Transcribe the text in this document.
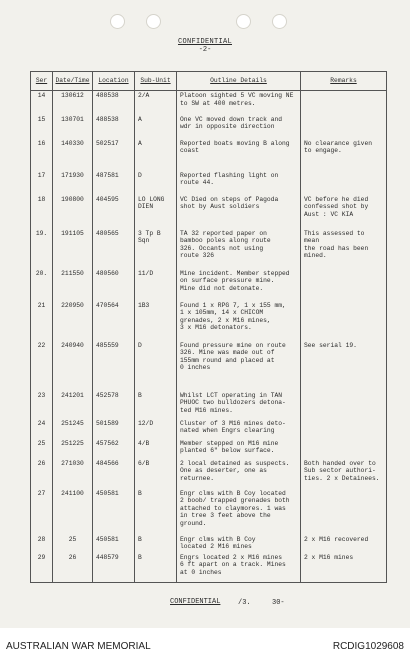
CONFIDENTIAL
-2-
Ser	Date/Time	Location	Sub-Unit	Outline Details	Remarks
14	130612	488538	2/A	Platoon sighted 5 VC moving NE
to SW at 400 metres.	
15	130701	488538	A	One VC moved down track and
wdr in opposite direction	
16	140330	502517	A	Reported boats moving B along
coast	No clearance given
to engage.
17	171930	487581	D	Reported flashing light on
route 44.	
18	190800	404595	LO LONG
DIEN	VC Died on steps of Pagoda
shot by Aust soldiers	VC before he died
confessed shot by
Aust : VC KIA
19.	191105	480565	3 Tp B
Sqn	TA 32 reported paper on
bamboo poles along route
326. Occants not using
route 326	This assessed to mean
the road has been
mined.
20.	211550	480560	11/D	Mine incident. Member stepped
on surface pressure mine.
Mine did not detonate.	
21	220950	470564	1B3	Found 1 x RPG 7, 1 x 155 mm,
1 x 105mm, 14 x CHICOM
grenades, 2 x M16 mines,
3 x M16 detonators.	
22	240940	485559	D	Found pressure mine on route
326. Mine was made out of
155mm round and placed at
0 inches	See serial 19.
23	241201	452578	B	Whilst LCT operating in TAN
PHUOC two bulldozers detona-
ted M16 mines.	
24	251245	501589	12/D	Cluster of 3 M16 mines deto-
nated when Engrs clearing	
25	251225	457562	4/B	Member stepped on M16 mine
planted 6" below surface.	
26	271030	484566	6/B	2 local detained as suspects.
One as deserter, one as
returnee.	Both handed over to
Sub sector authori-
ties. 2 x Detainees.
27	241100	450581	B	Engr clms with B Coy located
2 boob/ trapped grenades both
attached to claymores. 1 was
in tree 3 feet above the
ground.	
28	25	450581	B	Engr clms with B Coy
located 2 M16 mines	2 x M16 recovered
29	26	448579	B	Engrs located 2 x M16 mines
6 ft apart on a track. Mines
at 0 inches	2 x M16 mines
CONFIDENTIAL	/3.	30-
AUSTRALIAN WAR MEMORIAL	RCDIG1029608
